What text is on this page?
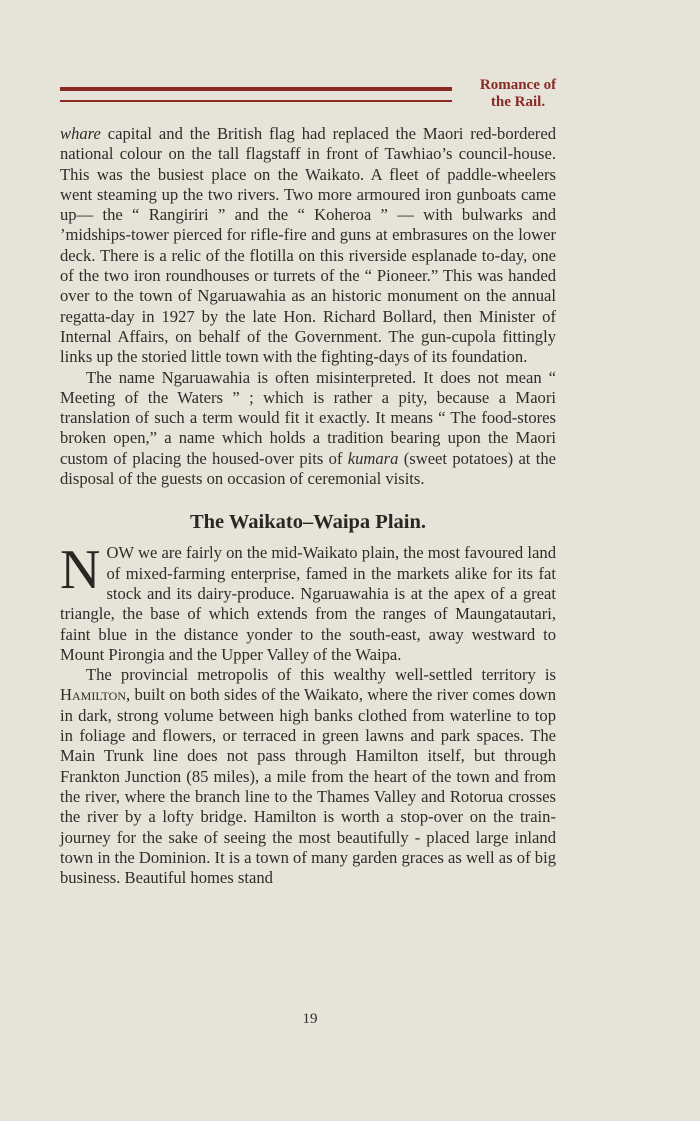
Romance of
the Rail.

whare capital and the British flag had replaced the Maori red-bordered national colour on the tall flagstaff in front of Tawhiao’s council-house. This was the busiest place on the Waikato. A fleet of paddle-wheelers went steaming up the two rivers. Two more armoured iron gunboats came up— the “ Rangiriri ” and the “ Koheroa ” — with bulwarks and ’midships-tower pierced for rifle-fire and guns at embrasures on the lower deck. There is a relic of the flotilla on this riverside esplanade to-day, one of the two iron roundhouses or turrets of the “ Pioneer.” This was handed over to the town of Ngaruawahia as an historic monument on the annual regatta-day in 1927 by the late Hon. Richard Bollard, then Minister of Internal Affairs, on behalf of the Government. The gun-cupola fittingly links up the storied little town with the fighting-days of its foundation.

The name Ngaruawahia is often misinterpreted. It does not mean “ Meeting of the Waters ” ; which is rather a pity, because a Maori translation of such a term would fit it exactly. It means “ The food-stores broken open,” a name which holds a tradition bearing upon the Maori custom of placing the housed-over pits of kumara (sweet potatoes) at the disposal of the guests on occasion of ceremonial visits.

The Waikato–Waipa Plain.

NOW we are fairly on the mid-Waikato plain, the most favoured land of mixed-farming enterprise, famed in the markets alike for its fat stock and its dairy-produce. Ngaruawahia is at the apex of a great triangle, the base of which extends from the ranges of Maungatautari, faint blue in the distance yonder to the south-east, away westward to Mount Pirongia and the Upper Valley of the Waipa.

The provincial metropolis of this wealthy well-settled territory is Hamilton, built on both sides of the Waikato, where the river comes down in dark, strong volume between high banks clothed from waterline to top in foliage and flowers, or terraced in green lawns and park spaces. The Main Trunk line does not pass through Hamilton itself, but through Frankton Junction (85 miles), a mile from the heart of the town and from the river, where the branch line to the Thames Valley and Rotorua crosses the river by a lofty bridge. Hamilton is worth a stop-over on the train-journey for the sake of seeing the most beautifully - placed large inland town in the Dominion. It is a town of many garden graces as well as of big business. Beautiful homes stand

19
